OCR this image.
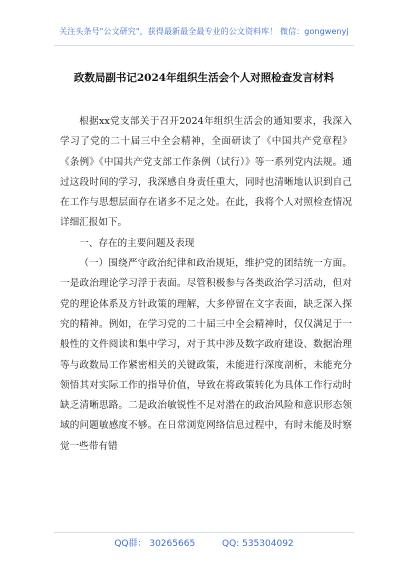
关注头条号"公文研究"，获得最新最全最专业的公文资料库！ 微信：gongwenyj
政数局副书记2024年组织生活会个人对照检查发言材料

根据xx党支部关于召开2024年组织生活会的通知要求，我深入学习了党的二十届三中全会精神，全面研读了《中国共产党章程》《条例》《中国共产党支部工作条例（试行）》等一系列党内法规。通过这段时间的学习，我深感自身责任重大，同时也清晰地认识到自己在工作与思想层面存在诸多不足之处。在此，我将个人对照检查情况详细汇报如下。

一、存在的主要问题及表现

（一）围绕严守政治纪律和政治规矩，维护党的团结统一方面。一是政治理论学习浮于表面。尽管积极参与各类政治学习活动，但对党的理论体系及方针政策的理解，大多停留在文字表面，缺乏深入探究的精神。例如，在学习党的二十届三中全会精神时，仅仅满足于一般性的文件阅读和集中学习，对于其中涉及数字政府建设、数据治理等与政数局工作紧密相关的关键政策，未能进行深度剖析，未能充分领悟其对实际工作的指导价值，导致在将政策转化为具体工作行动时缺乏清晰思路。二是政治敏锐性不足对潜在的政治风险和意识形态领域的问题敏感度不够。在日常浏览网络信息过程中，有时未能及时察觉一些带有错

QQ群： 30265665	QQ: 535304092
